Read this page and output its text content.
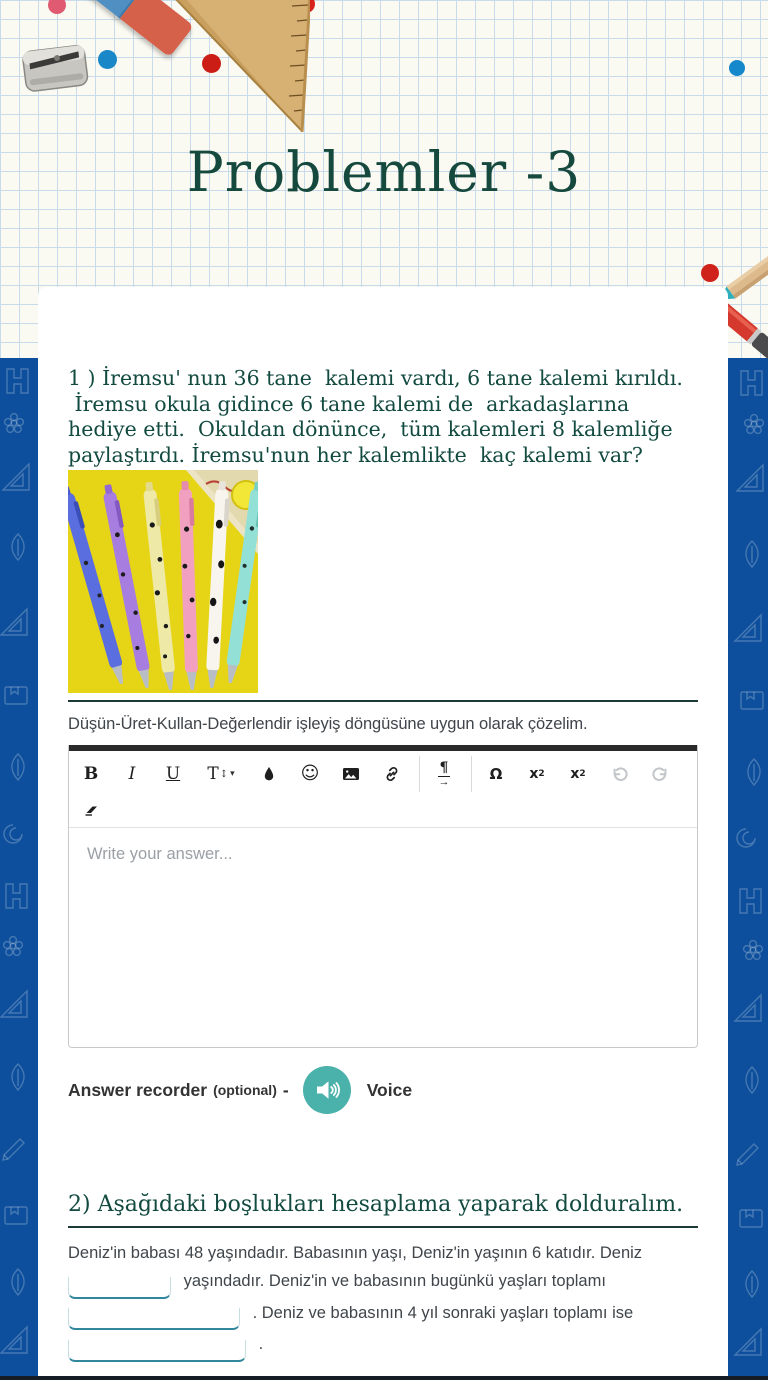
Problemler -3
1 ) İremsu' nun 36 tane  kalemi vardı, 6 tane kalemi kırıldı.
İremsu okula gidince 6 tane kalemi de  arkadaşlarına
hediye etti.  Okuldan dönünce,  tüm kalemleri 8 kalemliğe
paylaştırdı. İremsu'nun her kalemlikte  kaç kalemi var?
Düşün-Üret-Kullan-Değerlendir işleyiş döngüsüne uygun olarak çözelim.
B	I	U	T ↕ ▾	☺	¶
→	Ω	x 2 x 2
Write your answer...
Answer recorder (optional) -	Voice
2) Aşağıdaki boşlukları hesaplama yaparak dolduralım.
Deniz'in babası 48 yaşındadır. Babasının yaşı, Deniz'in yaşının 6 katıdır. Deniz
yaşındadır. Deniz'in ve babasının bugünkü yaşları toplamı
. Deniz ve babasının 4 yıl sonraki yaşları toplamı ise
.
